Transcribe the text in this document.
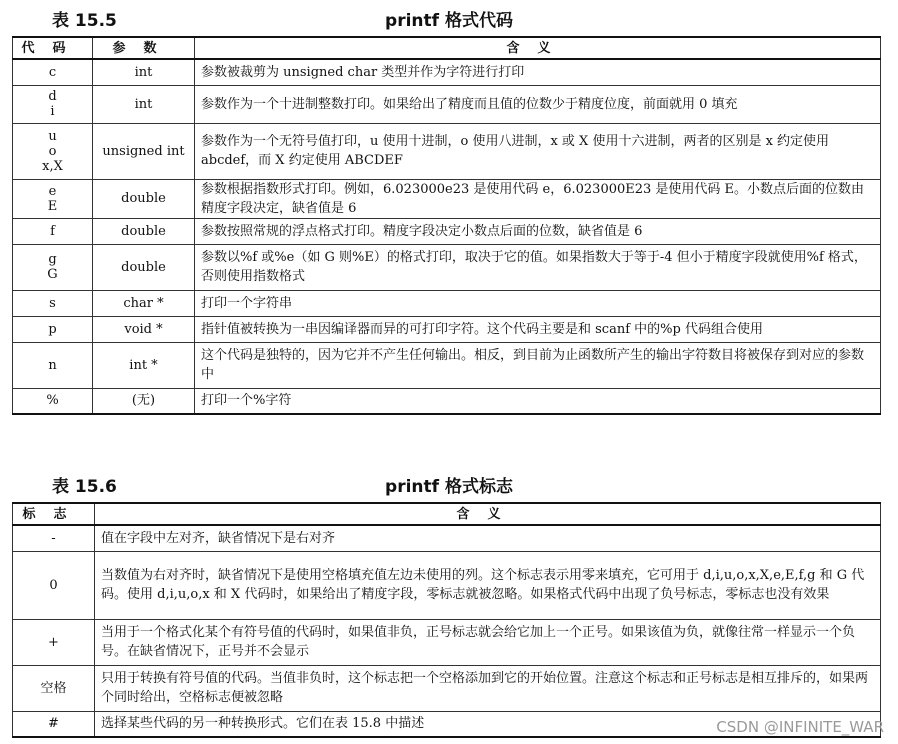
表 15.5	printf 格式代码
代码	参数	含义

c	int	参数被裁剪为 unsigned char 类型并作为字符进行打印

d
i	int	参数作为一个十进制整数打印。如果给出了精度而且值的位数少于精度位度，前面就用 0 填充

u
o
x,X	unsigned int	参数作为一个无符号值打印，u 使用十进制，o 使用八进制，x 或 X 使用十六进制，两者的区别是 x 约定使用 abcdef，而 X 约定使用 ABCDEF

e
E	double	参数根据指数形式打印。例如，6.023000e23 是使用代码 e，6.023000E23 是使用代码 E。小数点后面的位数由精度字段决定，缺省值是 6

f	double	参数按照常规的浮点格式打印。精度字段决定小数点后面的位数，缺省值是 6

g
G	double	参数以%f 或%e（如 G 则%E）的格式打印，取决于它的值。如果指数大于等于-4 但小于精度字段就使用%f 格式，否则使用指数格式

s	char *	打印一个字符串

p	void *	指针值被转换为一串因编译器而异的可打印字符。这个代码主要是和 scanf 中的%p 代码组合使用

n	int *	这个代码是独特的，因为它并不产生任何输出。相反，到目前为止函数所产生的输出字符数目将被保存到对应的参数中

%	(无)	打印一个%字符
表 15.6	printf 格式标志
标志	含义
-	值在字段中左对齐，缺省情况下是右对齐
0	当数值为右对齐时，缺省情况下是使用空格填充值左边未使用的列。这个标志表示用零来填充，它可用于 d,i,u,o,x,X,e,E,f,g 和 G 代码。使用 d,i,u,o,x 和 X 代码时，如果给出了精度字段，零标志就被忽略。如果格式代码中出现了负号标志，零标志也没有效果
+	当用于一个格式化某个有符号值的代码时，如果值非负，正号标志就会给它加上一个正号。如果该值为负，就像往常一样显示一个负号。在缺省情况下，正号并不会显示
空格	只用于转换有符号值的代码。当值非负时，这个标志把一个空格添加到它的开始位置。注意这个标志和正号标志是相互排斥的，如果两个同时给出，空格标志便被忽略
#	选择某些代码的另一种转换形式。它们在表 15.8 中描述	CSDN @INFINITE_WAR
